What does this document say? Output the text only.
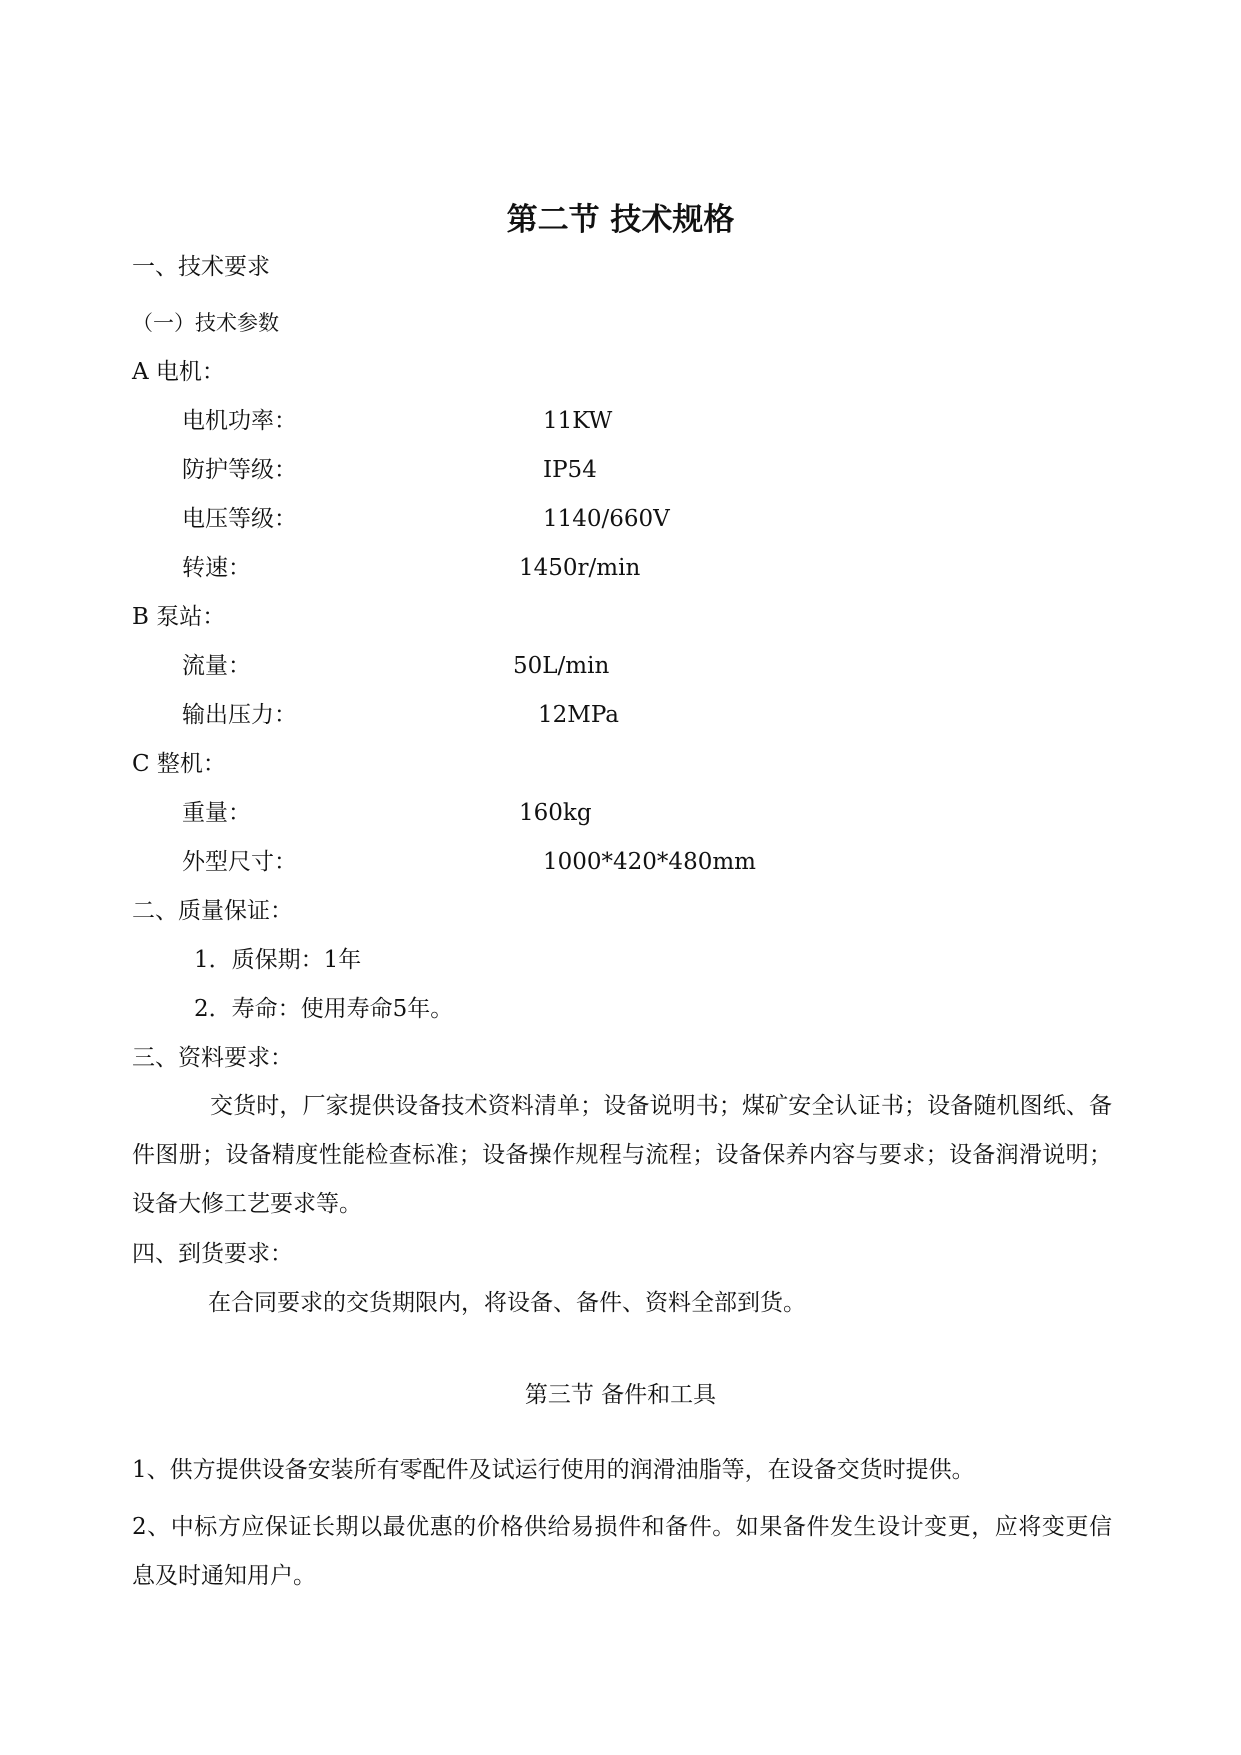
第二节 技术规格
一、技术要求
（一）技术参数
A 电机：
电机功率：	11KW
防护等级：	IP54
电压等级：	1140/660V
转速：	1450r/min
B 泵站：
流量：	50L/min
输出压力：	12MPa
C 整机：
重量：	160kg
外型尺寸：	1000*420*480mm
二、质量保证：
1．质保期：1年
2．寿命：使用寿命5年。
三、资料要求：

交货时，厂家提供设备技术资料清单；设备说明书；煤矿安全认证书；设备随机图纸、备件图册；设备精度性能检查标准；设备操作规程与流程；设备保养内容与要求；设备润滑说明；设备大修工艺要求等。

四、到货要求：
在合同要求的交货期限内，将设备、备件、资料全部到货。
第三节 备件和工具
1、供方提供设备安装所有零配件及试运行使用的润滑油脂等，在设备交货时提供。

2、中标方应保证长期以最优惠的价格供给易损件和备件。如果备件发生设计变更，应将变更信息及时通知用户。
